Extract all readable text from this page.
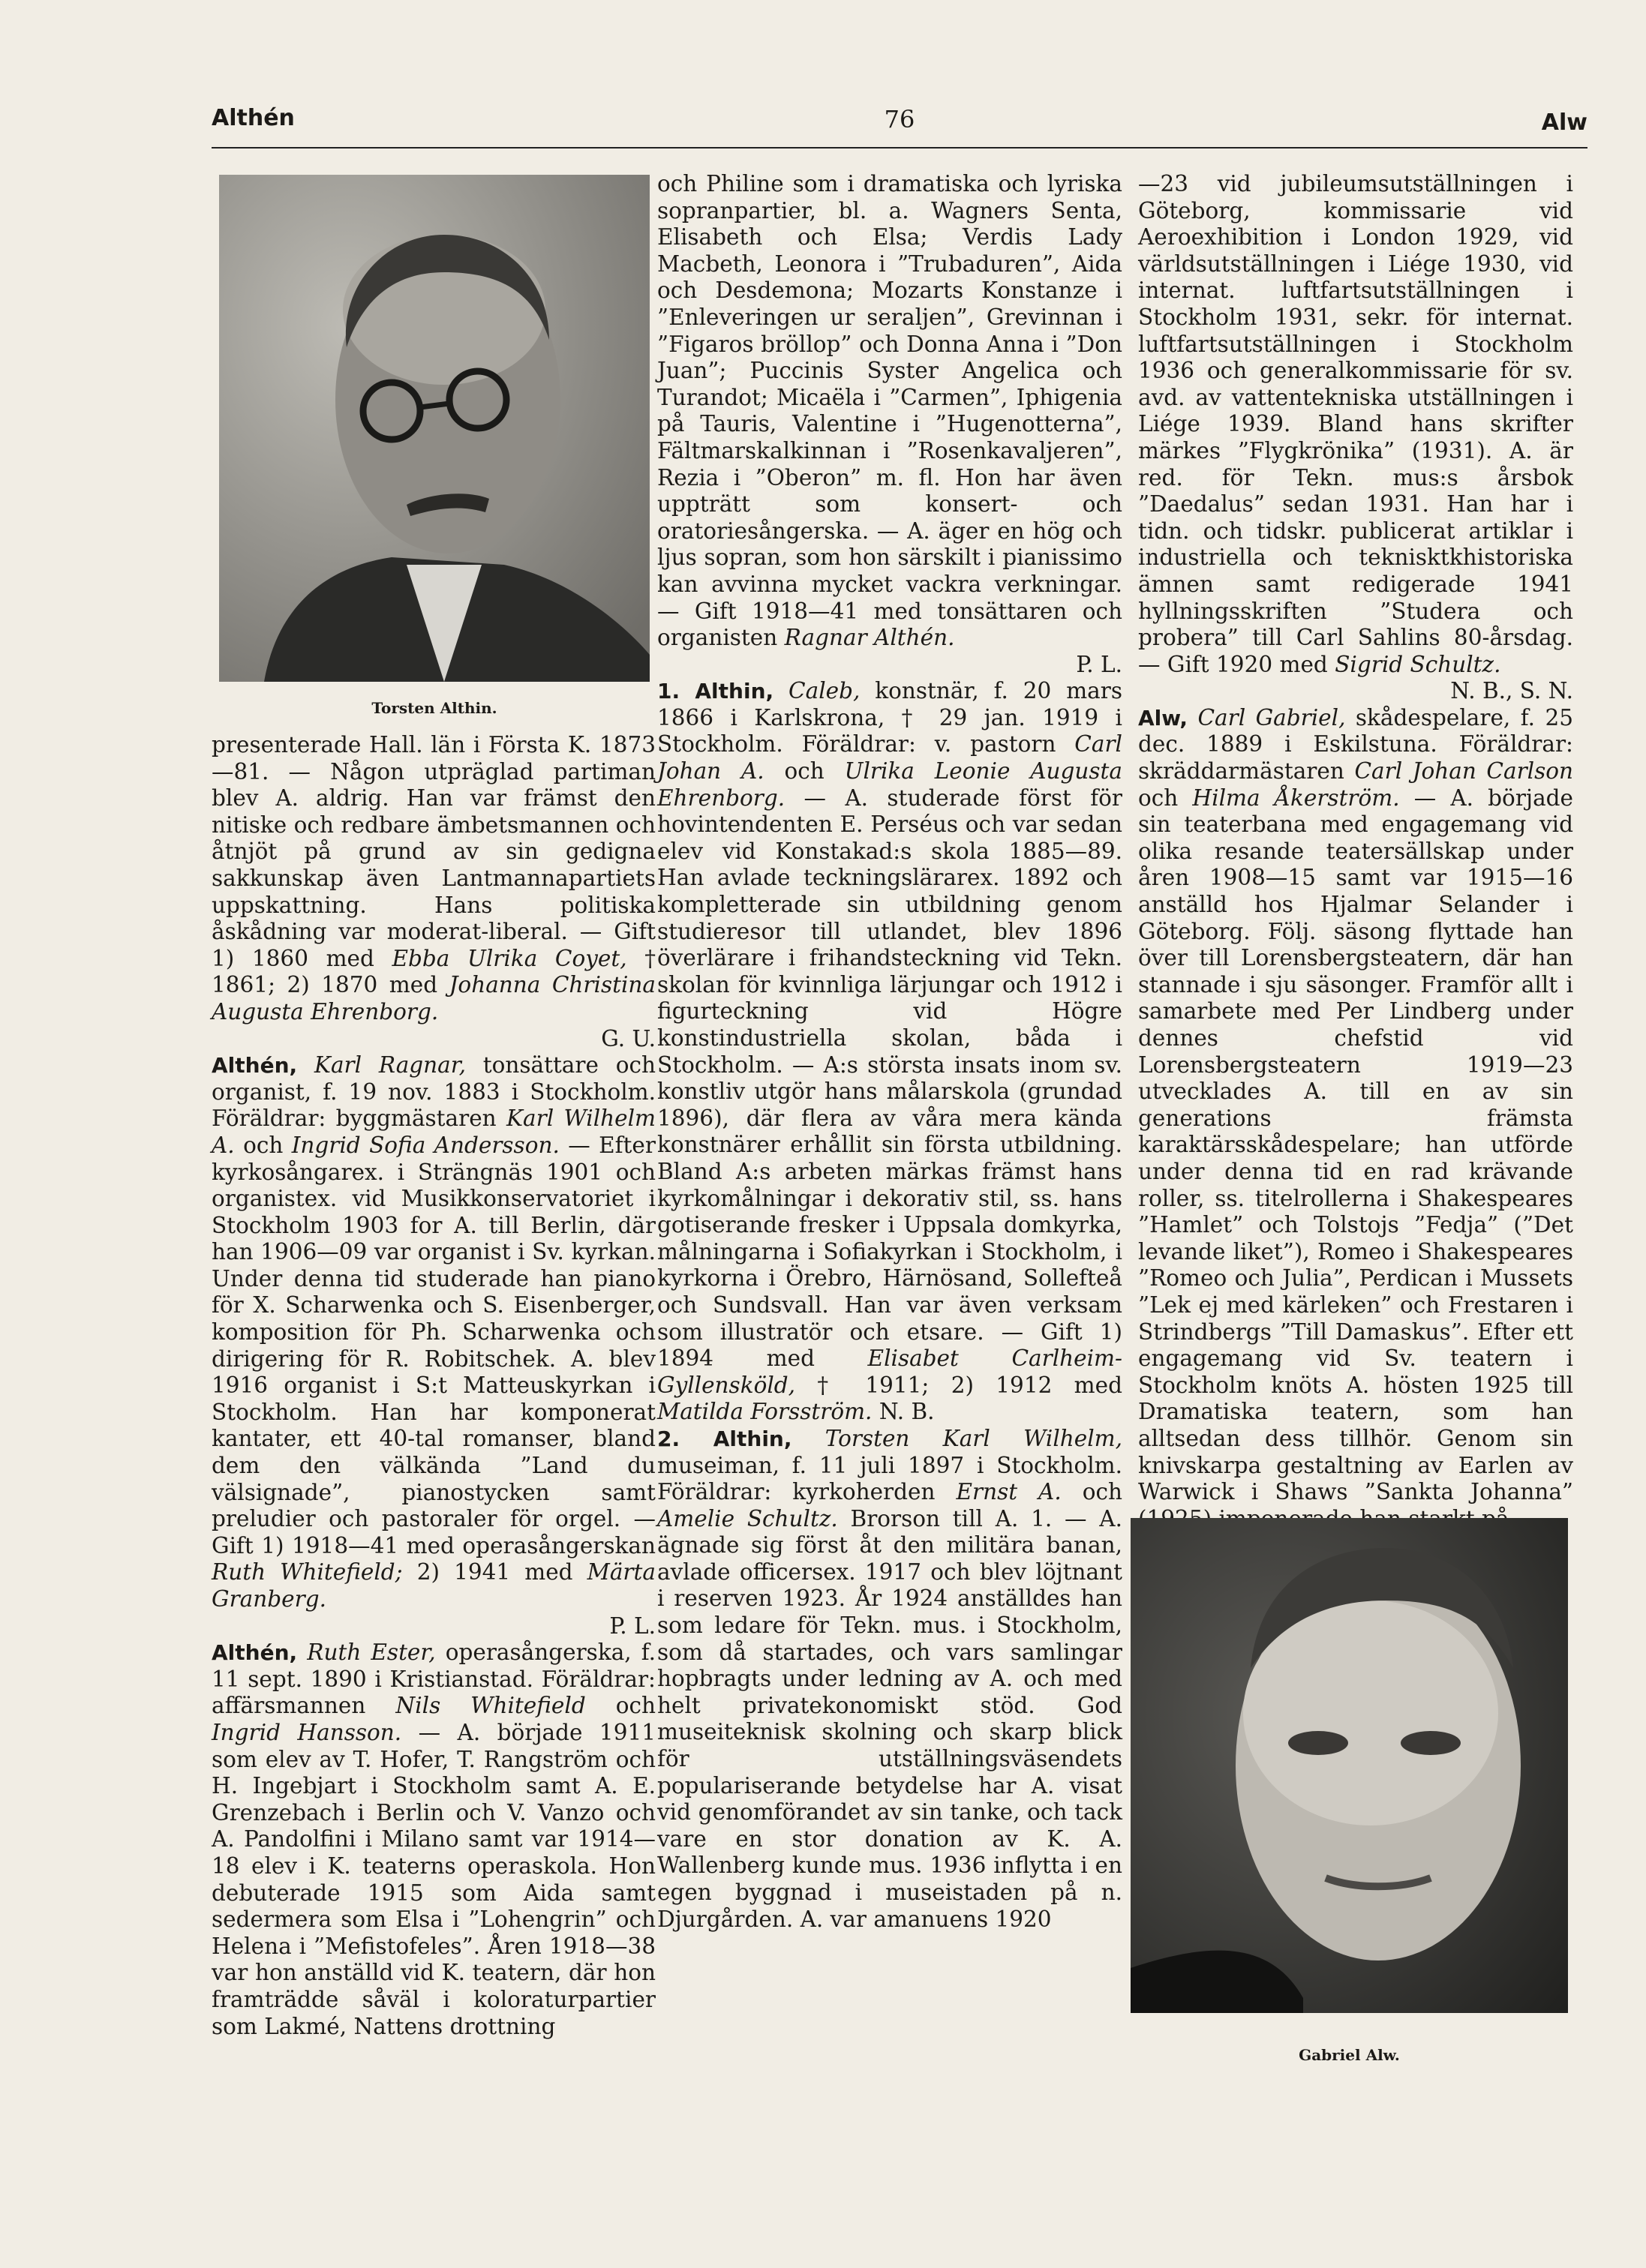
76
Althén	Alw
Torsten Althin.

presenterade Hall. län i Första K. 1873—81. — Någon utpräglad partiman blev A. aldrig. Han var främst den nitiske och redbare ämbetsmannen och åtnjöt på grund av sin gedigna sakkunskap även Lantmannapartiets uppskattning. Hans politiska åskådning var moderat-liberal. — Gift 1) 1860 med Ebba Ulrika Coyet, † 1861; 2) 1870 med Johanna Christina Augusta Ehrenborg.
G. U.

Althén, Karl Ragnar, tonsättare och organist, f. 19 nov. 1883 i Stockholm. Föräldrar: byggmästaren Karl Wilhelm A. och Ingrid Sofia Andersson. — Efter kyrkosångarex. i Strängnäs 1901 och organistex. vid Musikkonservatoriet i Stockholm 1903 for A. till Berlin, där han 1906—09 var organist i Sv. kyrkan. Under denna tid studerade han piano för X. Scharwenka och S. Eisenberger, komposition för Ph. Scharwenka och dirigering för R. Robitschek. A. blev 1916 organist i S:t Matteuskyrkan i Stockholm. Han har komponerat kantater, ett 40-tal romanser, bland dem den välkända ”Land du välsignade”, pianostycken samt preludier och pastoraler för orgel. — Gift 1) 1918—41 med operasångerskan Ruth Whitefield; 2) 1941 med Märta Granberg.
P. L.

Althén, Ruth Ester, operasångerska, f. 11 sept. 1890 i Kristianstad. Föräldrar: affärsmannen Nils Whitefield och Ingrid Hansson. — A. började 1911 som elev av T. Hofer, T. Rangström och H. Ingebjart i Stockholm samt A. E. Grenzebach i Berlin och V. Vanzo och A. Pandolfini i Milano samt var 1914—18 elev i K. teaterns operaskola. Hon debuterade 1915 som Aida samt sedermera som Elsa i ”Lohengrin” och Helena i ”Mefistofeles”. Åren 1918—38 var hon anställd vid K. teatern, där hon framträdde såväl i koloraturpartier som Lakmé, Nattens drottning

och Philine som i dramatiska och lyriska sopranpartier, bl. a. Wagners Senta, Elisabeth och Elsa; Verdis Lady Macbeth, Leonora i ”Trubaduren”, Aida och Desdemona; Mozarts Konstanze i ”Enleveringen ur seraljen”, Grevinnan i ”Figaros bröllop” och Donna Anna i ”Don Juan”; Puccinis Syster Angelica och Turandot; Micaëla i ”Carmen”, Iphigenia på Tauris, Valentine i ”Hugenotterna”, Fältmarskalkinnan i ”Rosenkavaljeren”, Rezia i ”Oberon” m. fl. Hon har även uppträtt som konsert- och oratoriesångerska. — A. äger en hög och ljus sopran, som hon särskilt i pianissimo kan avvinna mycket vackra verkningar. — Gift 1918—41 med tonsättaren och organisten Ragnar Althén.
P. L.

1. Althin, Caleb, konstnär, f. 20 mars 1866 i Karlskrona, † 29 jan. 1919 i Stockholm. Föräldrar: v. pastorn Carl Johan A. och Ulrika Leonie Augusta Ehrenborg. — A. studerade först för hovintendenten E. Perséus och var sedan elev vid Konstakad:s skola 1885—89. Han avlade teckningslärarex. 1892 och kompletterade sin utbildning genom studieresor till utlandet, blev 1896 överlärare i frihandsteckning vid Tekn. skolan för kvinnliga lärjungar och 1912 i figurteckning vid Högre konstindustriella skolan, båda i Stockholm. — A:s största insats inom sv. konstliv utgör hans målarskola (grundad 1896), där flera av våra mera kända konstnärer erhållit sin första utbildning. Bland A:s arbeten märkas främst hans kyrkomålningar i dekorativ stil, ss. hans gotiserande fresker i Uppsala domkyrka, målningarna i Sofiakyrkan i Stockholm, i kyrkorna i Örebro, Härnösand, Sollefteå och Sundsvall. Han var även verksam som illustratör och etsare. — Gift 1) 1894 med Elisabet Carlheim-Gyllensköld, † 1911; 2) 1912 med Matilda Forsström. N. B.

2. Althin, Torsten Karl Wilhelm, museiman, f. 11 juli 1897 i Stockholm. Föräldrar: kyrkoherden Ernst A. och Amelie Schultz. Brorson till A. 1. — A. ägnade sig först åt den militära banan, avlade officersex. 1917 och blev löjtnant i reserven 1923. År 1924 anställdes han som ledare för Tekn. mus. i Stockholm, som då startades, och vars samlingar hopbragts under ledning av A. och med helt privatekonomiskt stöd. God museiteknisk skolning och skarp blick för utställningsväsendets populariserande betydelse har A. visat vid genomförandet av sin tanke, och tack vare en stor donation av K. A. Wallenberg kunde mus. 1936 inflytta i en egen byggnad i museistaden på n. Djurgården. A. var amanuens 1920

—23 vid jubileumsutställningen i Göteborg, kommissarie vid Aeroexhibition i London 1929, vid världsutställningen i Liége 1930, vid internat. luftfartsutställningen i Stockholm 1931, sekr. för internat. luftfartsutställningen i Stockholm 1936 och generalkommissarie för sv. avd. av vattentekniska utställningen i Liége 1939. Bland hans skrifter märkes ”Flygkrönika” (1931). A. är red. för Tekn. mus:s årsbok ”Daedalus” sedan 1931. Han har i tidn. och tidskr. publicerat artiklar i industriella och teknisktkhistoriska ämnen samt redigerade 1941 hyllningsskriften ”Studera och probera” till Carl Sahlins 80-årsdag. — Gift 1920 med Sigrid Schultz.
N. B., S. N.

Alw, Carl Gabriel, skådespelare, f. 25 dec. 1889 i Eskilstuna. Föräldrar: skräddarmästaren Carl Johan Carlson och Hilma Åkerström. — A. började sin teaterbana med engagemang vid olika resande teatersällskap under åren 1908—15 samt var 1915—16 anställd hos Hjalmar Selander i Göteborg. Följ. säsong flyttade han över till Lorensbergsteatern, där han stannade i sju säsonger. Framför allt i samarbete med Per Lindberg under dennes chefstid vid Lorensbergsteatern 1919—23 utvecklades A. till en av sin generations främsta karaktärsskådespelare; han utförde under denna tid en rad krävande roller, ss. titelrollerna i Shakespeares ”Hamlet” och Tolstojs ”Fedja” (”Det levande liket”), Romeo i Shakespeares ”Romeo och Julia”, Perdican i Mussets ”Lek ej med kärleken” och Frestaren i Strindbergs ”Till Damaskus”. Efter ett engagemang vid Sv. teatern i Stockholm knöts A. hösten 1925 till Dramatiska teatern, som han alltsedan dess tillhör. Genom sin knivskarpa gestaltning av Earlen av Warwick i Shaws ”Sankta Johanna”

Gabriel Alw.
